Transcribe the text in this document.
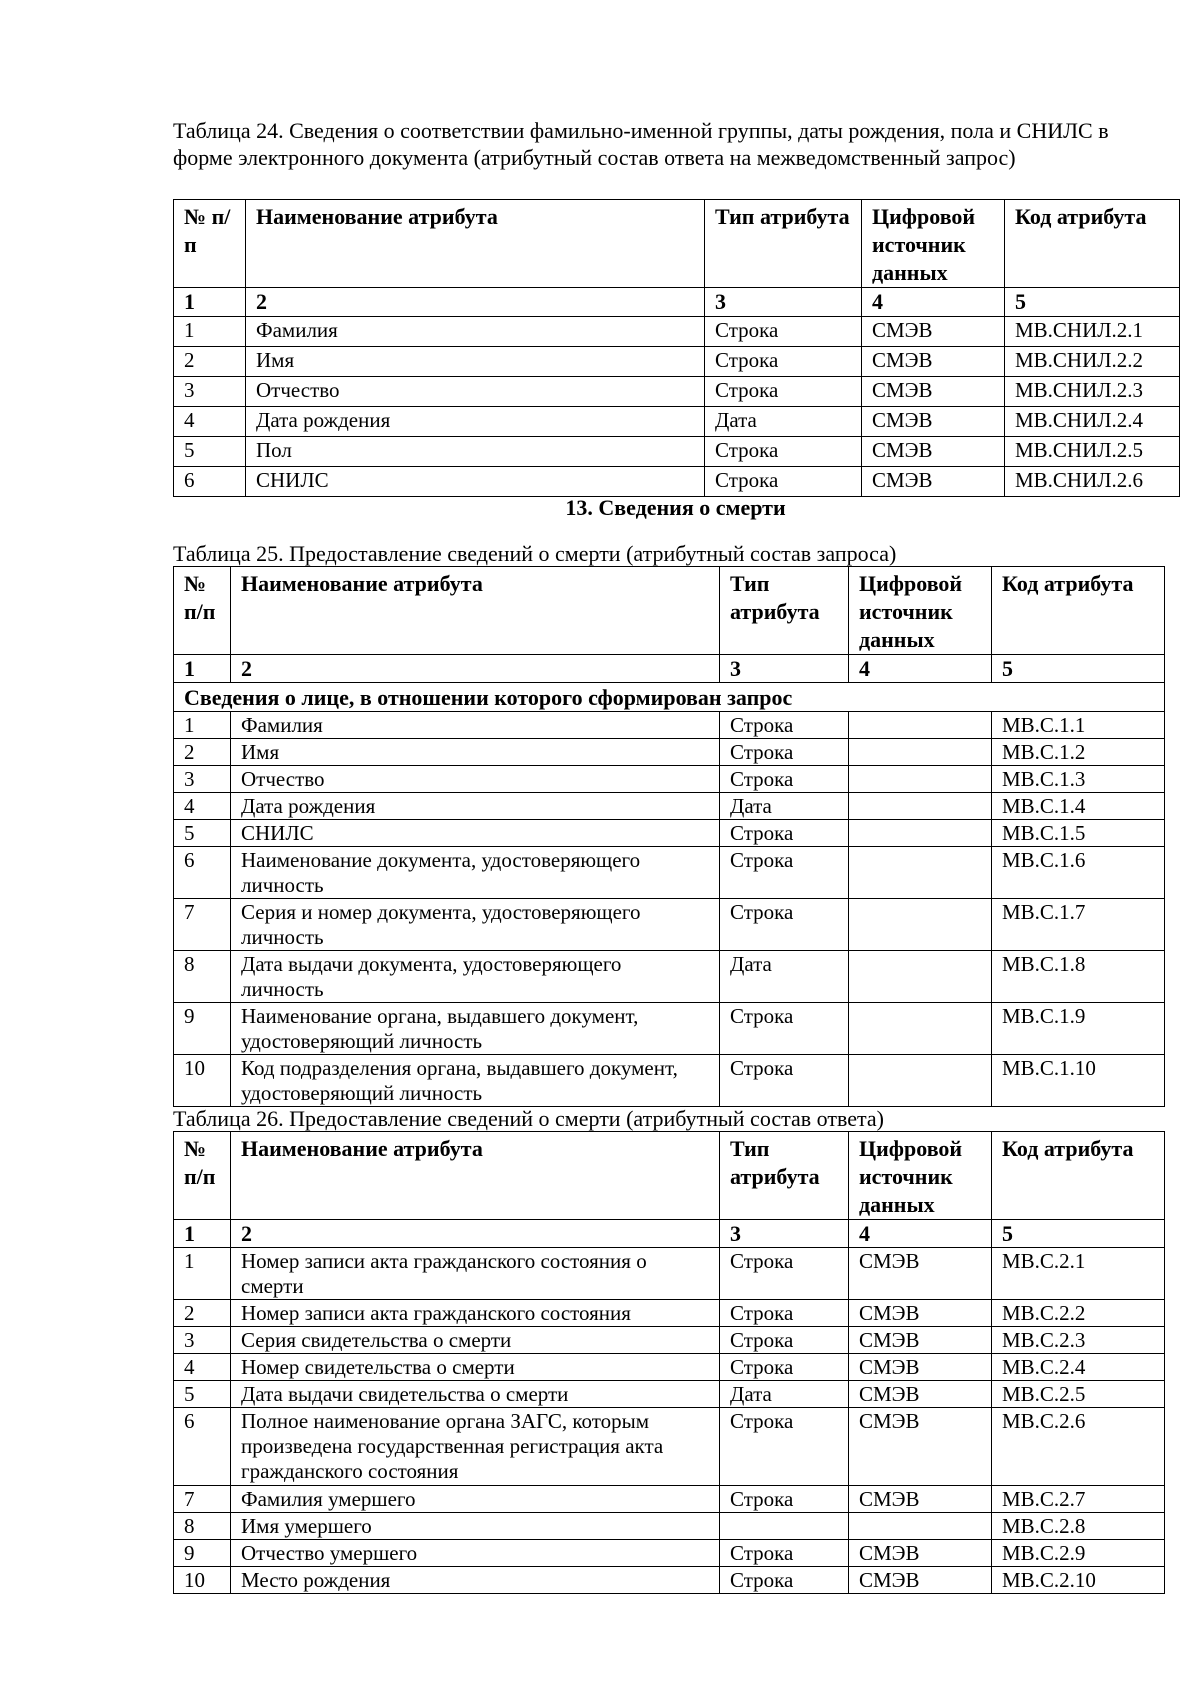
Таблица 24. Сведения о соответствии фамильно-именной группы, даты рождения, пола и СНИЛС в форме электронного документа (атрибутный состав ответа на межведомственный запрос)
№ п/п	Наименование атрибута	Тип атрибута	Цифровой источник данных	Код атрибута
1	2	3	4	5
1	Фамилия	Строка	СМЭВ	МВ.СНИЛ.2.1
2	Имя	Строка	СМЭВ	МВ.СНИЛ.2.2
3	Отчество	Строка	СМЭВ	МВ.СНИЛ.2.3
4	Дата рождения	Дата	СМЭВ	МВ.СНИЛ.2.4
5	Пол	Строка	СМЭВ	МВ.СНИЛ.2.5
6	СНИЛС	Строка	СМЭВ	МВ.СНИЛ.2.6
13. Сведения о смерти
Таблица 25. Предоставление сведений о смерти (атрибутный состав запроса)
№ п/п	Наименование атрибута	Тип атрибута	Цифровой источник данных	Код атрибута
1	2	3	4	5
Сведения о лице, в отношении которого сформирован запрос				
1	Фамилия	Строка		МВ.С.1.1
2	Имя	Строка		МВ.С.1.2
3	Отчество	Строка		МВ.С.1.3
4	Дата рождения	Дата		МВ.С.1.4
5	СНИЛС	Строка		МВ.С.1.5
6	Наименование документа, удостоверяющего личность	Строка		МВ.С.1.6
7	Серия и номер документа, удостоверяющего личность	Строка		МВ.С.1.7
8	Дата выдачи документа, удостоверяющего личность	Дата		МВ.С.1.8
9	Наименование органа, выдавшего документ, удостоверяющий личность	Строка		МВ.С.1.9
10	Код подразделения органа, выдавшего документ, удостоверяющий личность	Строка		МВ.С.1.10
Таблица 26. Предоставление сведений о смерти (атрибутный состав ответа)
№ п/п	Наименование атрибута	Тип атрибута	Цифровой источник данных	Код атрибута
1	2	3	4	5
1	Номер записи акта гражданского состояния о смерти	Строка	СМЭВ	МВ.С.2.1
2	Номер записи акта гражданского состояния	Строка	СМЭВ	МВ.С.2.2
3	Серия свидетельства о смерти	Строка	СМЭВ	МВ.С.2.3
4	Номер свидетельства о смерти	Строка	СМЭВ	МВ.С.2.4
5	Дата выдачи свидетельства о смерти	Дата	СМЭВ	МВ.С.2.5
6	Полное наименование органа ЗАГС, которым произведена государственная регистрация акта гражданского состояния	Строка	СМЭВ	МВ.С.2.6
7	Фамилия умершего	Строка	СМЭВ	МВ.С.2.7
8	Имя умершего			МВ.С.2.8
9	Отчество умершего	Строка	СМЭВ	МВ.С.2.9
10	Место рождения	Строка	СМЭВ	МВ.С.2.10
